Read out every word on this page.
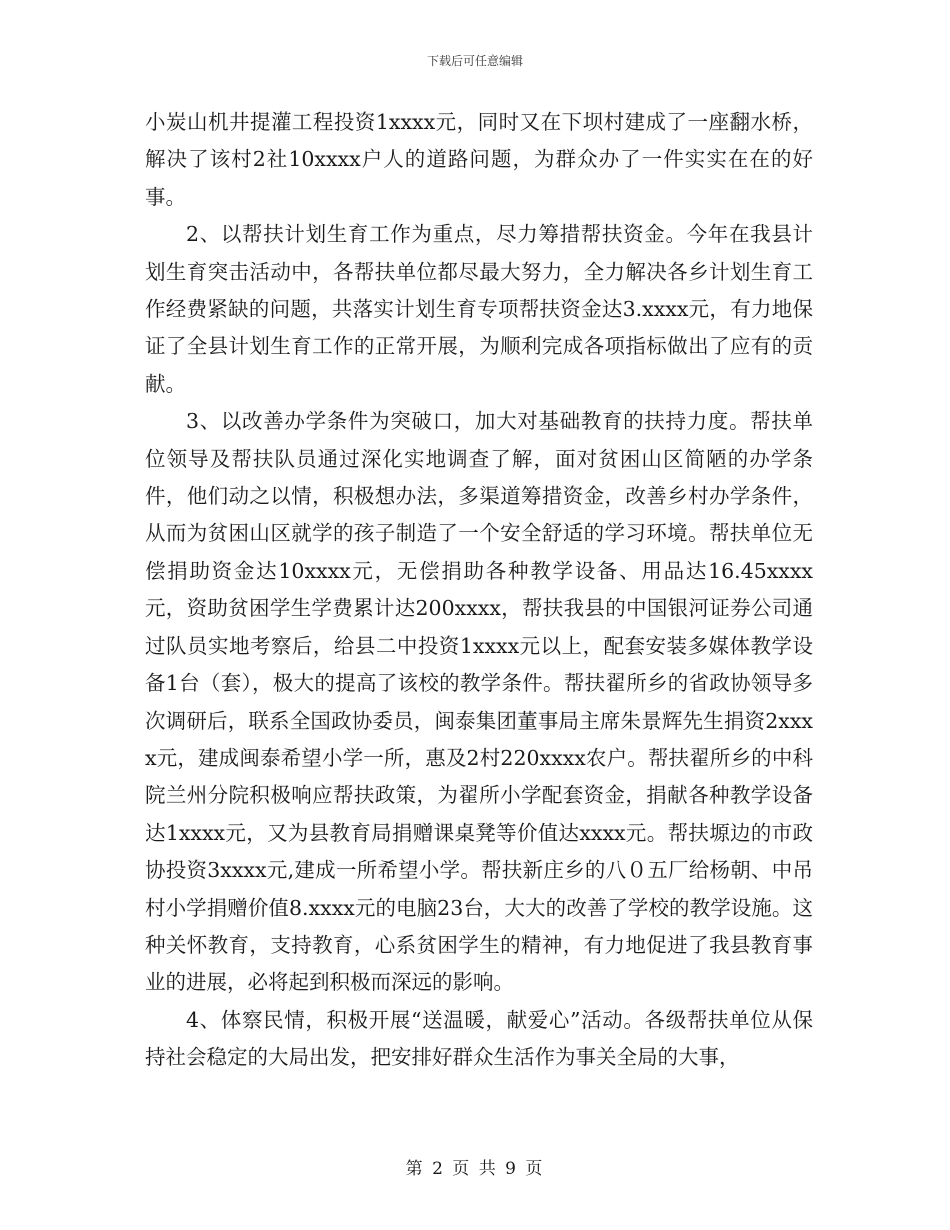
下载后可任意编辑

小炭山机井提灌工程投资1xxxx元，同时又在下坝村建成了一座翻水桥，解决了该村2社10xxxx户人的道路问题，为群众办了一件实实在在的好事。

2、以帮扶计划生育工作为重点，尽力筹措帮扶资金。今年在我县计划生育突击活动中，各帮扶单位都尽最大努力，全力解决各乡计划生育工作经费紧缺的问题，共落实计划生育专项帮扶资金达3.xxxx元，有力地保证了全县计划生育工作的正常开展，为顺利完成各项指标做出了应有的贡献。

3、以改善办学条件为突破口，加大对基础教育的扶持力度。帮扶单位领导及帮扶队员通过深化实地调查了解，面对贫困山区简陋的办学条件，他们动之以情，积极想办法，多渠道筹措资金，改善乡村办学条件，从而为贫困山区就学的孩子制造了一个安全舒适的学习环境。帮扶单位无偿捐助资金达10xxxx元，无偿捐助各种教学设备、用品达16.45xxxx元，资助贫困学生学费累计达200xxxx，帮扶我县的中国银河证券公司通过队员实地考察后，给县二中投资1xxxx元以上，配套安装多媒体教学设备1台（套），极大的提高了该校的教学条件。帮扶翟所乡的省政协领导多次调研后，联系全国政协委员，闽泰集团董事局主席朱景辉先生捐资2xxxx元，建成闽泰希望小学一所，惠及2村220xxxx农户。帮扶翟所乡的中科院兰州分院积极响应帮扶政策，为翟所小学配套资金，捐献各种教学设备达1xxxx元，又为县教育局捐赠课桌凳等价值达xxxx元。帮扶塬边的市政协投资3xxxx元,建成一所希望小学。帮扶新庄乡的八０五厂给杨朝、中吊村小学捐赠价值8.xxxx元的电脑23台，大大的改善了学校的教学设施。这种关怀教育，支持教育，心系贫困学生的精神，有力地促进了我县教育事业的进展，必将起到积极而深远的影响。

4、体察民情，积极开展“送温暖，献爱心”活动。各级帮扶单位从保持社会稳定的大局出发，把安排好群众生活作为事关全局的大事，

第 2 页 共 9 页
